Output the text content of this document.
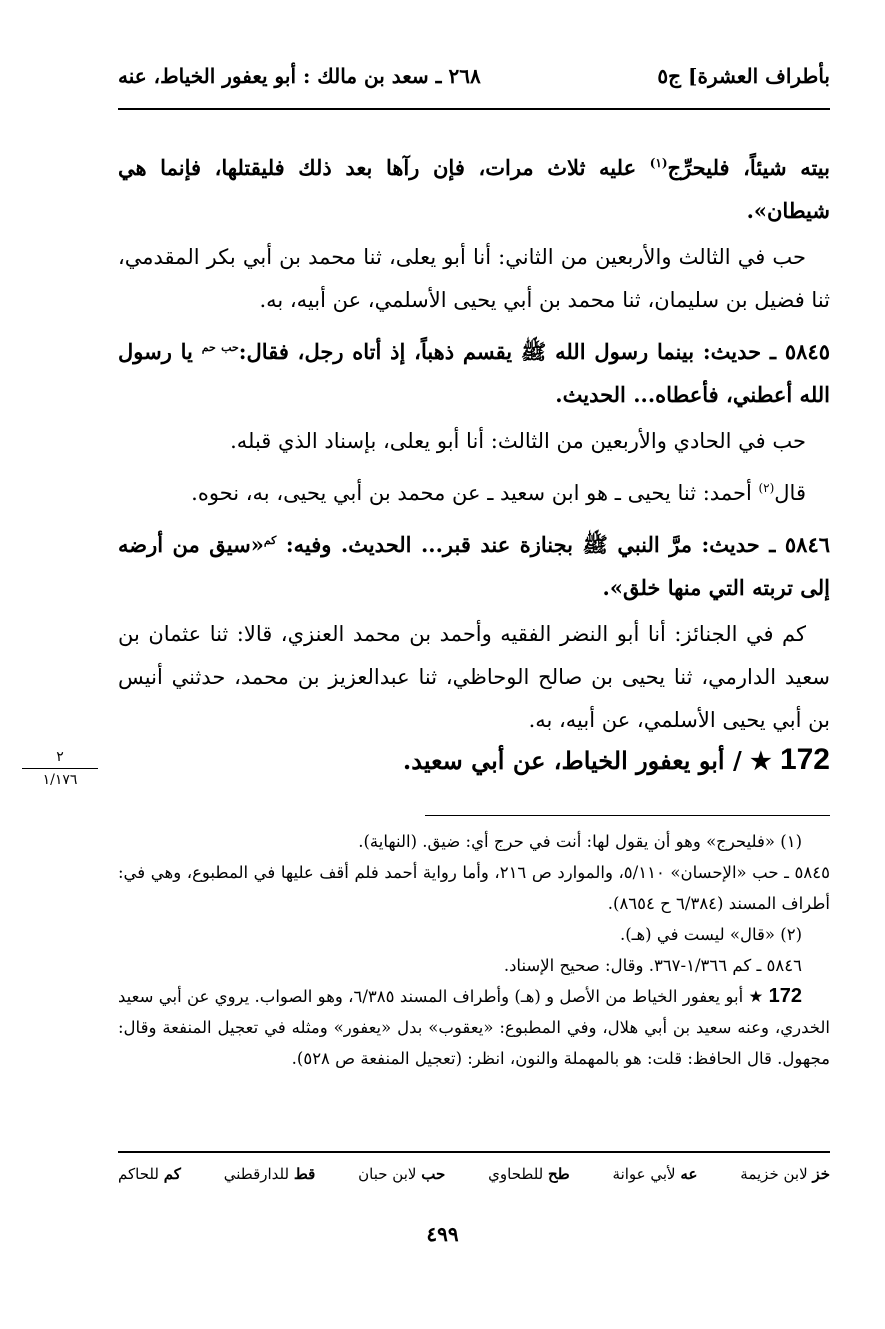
بأطراف العشرة] ج٥
٢٦٨ ـ سعد بن مالك : أبو يعفور الخياط، عنه

بيته شيئاً، فليحرِّج$^{(١)}$ عليه ثلاث مرات، فإن رآها بعد ذلك فليقتلها، فإنما هي شيطان».

حب في الثالث والأربعين من الثاني: أنا أبو يعلى، ثنا محمد بن أبي بكر المقدمي، ثنا فضيل بن سليمان، ثنا محمد بن أبي يحيى الأسلمي، عن أبيه، به.

٥٨٤٥ ـ حديث: بينما رسول الله ﷺ يقسم ذهباً، إذ أتاه رجل، فقال:$^{حب حم}$ يا رسول الله أعطني، فأعطاه... الحديث.

حب في الحادي والأربعين من الثالث: أنا أبو يعلى، بإسناد الذي قبله.

قال$^{(٢)}$ أحمد: ثنا يحيى ـ هو ابن سعيد ـ عن محمد بن أبي يحيى، به، نحوه.

٥٨٤٦ ـ حديث: مرَّ النبي ﷺ بجنازة عند قبر... الحديث. وفيه: $^{كم}$«سيق من أرضه إلى تربته التي منها خلق».

كم في الجنائز: أنا أبو النضر الفقيه وأحمد بن محمد العنزي، قالا: ثنا عثمان بن سعيد الدارمي، ثنا يحيى بن صالح الوحاظي، ثنا عبدالعزيز بن محمد، حدثني أنيس بن أبي يحيى الأسلمي، عن أبيه، به.

172 ★ / أبو يعفور الخياط، عن أبي سعيد.
٢
١/١٧٦

(١) «فليحرج» وهو أن يقول لها: أنت في حرج أي: ضيق. (النهاية).

٥٨٤٥ ـ حب «الإحسان» ٥/١١٠، والموارد ص ٢١٦، وأما رواية أحمد فلم أقف عليها في المطبوع، وهي في: أطراف المسند (٦/٣٨٤ ح ٨٦٥٤).

(٢) «قال» ليست في (هـ).

٥٨٤٦ ـ كم ١/٣٦٦-٣٦٧. وقال: صحيح الإسناد.

172 ★ أبو يعفور الخياط من الأصل و (هـ) وأطراف المسند ٦/٣٨٥، وهو الصواب. يروي عن أبي سعيد الخدري، وعنه سعيد بن أبي هلال، وفي المطبوع: «يعقوب» بدل «يعفور» ومثله في تعجيل المنفعة وقال: مجهول. قال الحافظ: قلت: هو بالمهملة والنون، انظر: (تعجيل المنفعة ص ٥٢٨).

خز لابن خزيمة
عه لأبي عوانة
طح للطحاوي
حب لابن حبان
قط للدارقطني
كم للحاكم
٤٩٩
